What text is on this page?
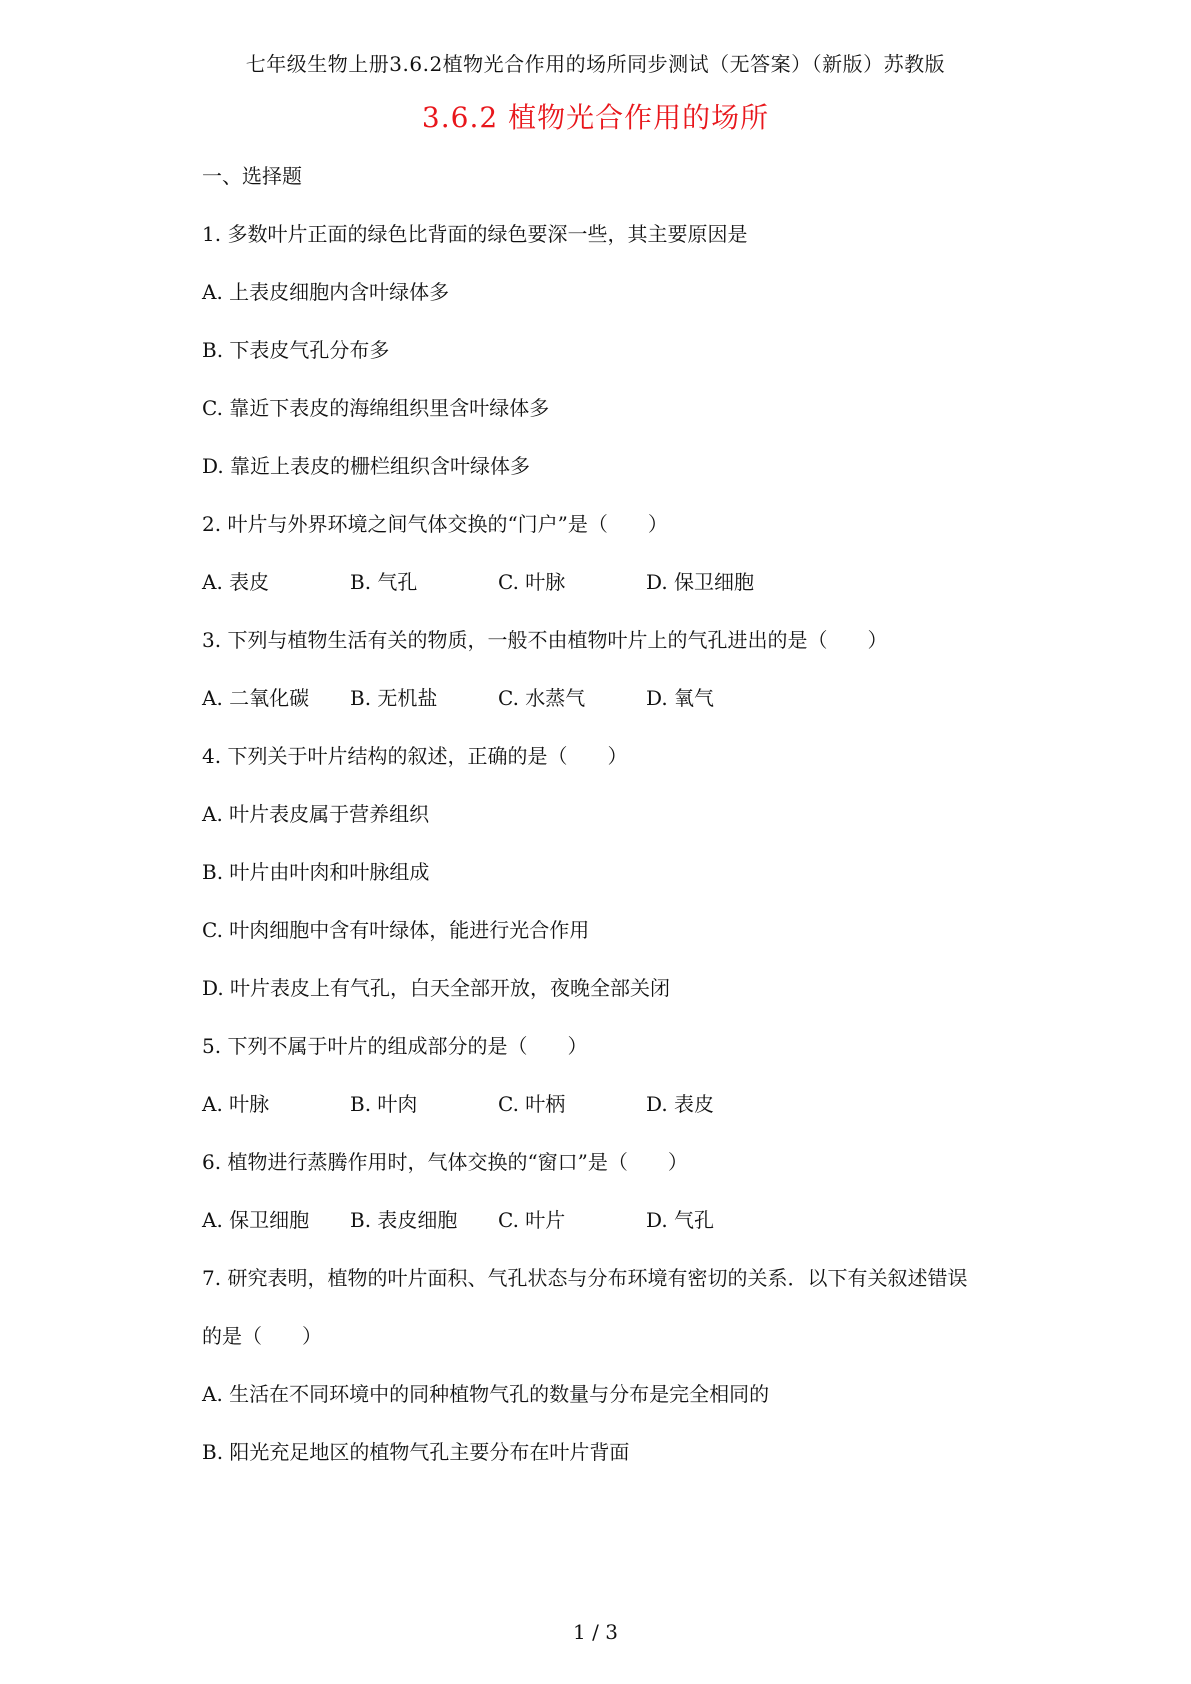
七年级生物上册3.6.2植物光合作用的场所同步测试（无答案）（新版）苏教版
3.6.2 植物光合作用的场所
一、选择题
1. 多数叶片正面的绿色比背面的绿色要深一些，其主要原因是
A. 上表皮细胞内含叶绿体多
B. 下表皮气孔分布多
C. 靠近下表皮的海绵组织里含叶绿体多
D. 靠近上表皮的栅栏组织含叶绿体多
2. 叶片与外界环境之间气体交换的“门户”是（　　）
A. 表皮	B. 气孔	C. 叶脉	D. 保卫细胞
3. 下列与植物生活有关的物质，一般不由植物叶片上的气孔进出的是（　　）
A. 二氧化碳 B. 无机盐	C. 水蒸气	D. 氧气
4. 下列关于叶片结构的叙述，正确的是（　　）
A. 叶片表皮属于营养组织
B. 叶片由叶肉和叶脉组成
C. 叶肉细胞中含有叶绿体，能进行光合作用
D. 叶片表皮上有气孔，白天全部开放，夜晚全部关闭
5. 下列不属于叶片的组成部分的是（　　）
A. 叶脉	B. 叶肉	C. 叶柄	D. 表皮
6. 植物进行蒸腾作用时，气体交换的“窗口”是（　　）
A. 保卫细胞 B. 表皮细胞 C. 叶片	D. 气孔
7. 研究表明，植物的叶片面积、气孔状态与分布环境有密切的关系．以下有关叙述错误
的是（　　）
A. 生活在不同环境中的同种植物气孔的数量与分布是完全相同的
B. 阳光充足地区的植物气孔主要分布在叶片背面
1 / 3
